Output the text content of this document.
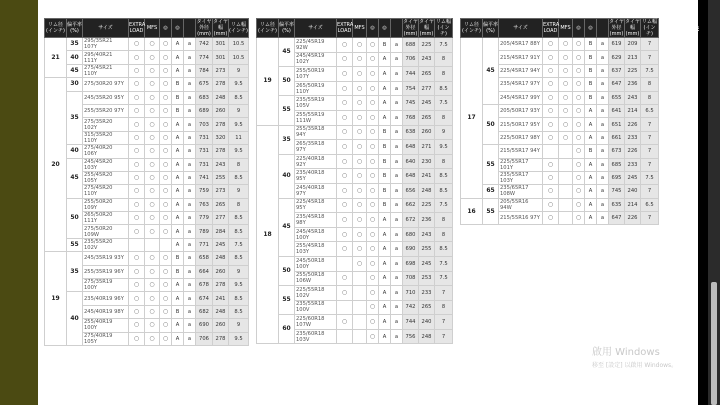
リム径 (インチ)	偏平率 (%)	サイズ	EXTRA LOAD	MFS	◎	◎		タイヤ外径 (mm)	タイヤ幅 (mm)	リム幅 (インチ)
21	35	295/35R21 107Y	○	○	○	A	a	742	301	10.5
	40	295/40R21 111Y	○	○	○	A	a	774	301	10.5
	45	275/45R21 110Y	○	○	○	A	a	784	273	9
20	30	275/30R20 97Y	○	○	○	B	a	675	278	9.5
	35	245/35R20 95Y	○	○	○	B	a	683	248	8.5
		255/35R20 97Y	○	○	○	B	a	689	260	9
		275/35R20 102Y	○	○	○	A	a	703	278	9.5
		315/35R20 110Y	○	○	○	A	a	731	320	11
	40	275/40R20 106Y	○	○	○	A	a	731	278	9.5
	45	245/45R20 103Y	○	○	○	A	a	731	243	8
		255/45R20 105Y	○	○	○	A	a	741	255	8.5
		275/45R20 110Y	○	○	○	A	a	759	273	9
	50	255/50R20 109Y	○	○	○	A	a	763	265	8
		265/50R20 111Y	○	○	○	A	a	779	277	8.5
		275/50R20 109W	○	○	○	A	a	789	284	8.5
	55	235/55R20 102V				A	a	771	245	7.5
19	35	245/35R19 93Y	○	○	○	B	a	658	248	8.5
		255/35R19 96Y	○	○	○	B	a	664	260	9
		275/35R19 100Y	○	○	○	A	a	678	278	9.5
	40	235/40R19 96Y	○	○	○	A	a	674	241	8.5
		245/40R19 98Y	○	○	○	B	a	682	248	8.5
		255/40R19 100Y	○	○	○	A	a	690	260	9
		275/40R19 105Y	○	○	○	A	a	706	278	9.5
リム径 (インチ)	偏平率 (%)	サイズ	EXTRA LOAD	MFS	◎	◎		タイヤ外径 (mm)	タイヤ幅 (mm)	リム幅 (インチ)
19	45	225/45R19 92W	○	○	○	B	a	688	225	7.5
		245/45R19 102Y	○	○	○	A	a	706	243	8
	50	255/50R19 107Y	○	○	○	A	a	744	265	8
		265/50R19 110Y	○	○	○	A	a	754	277	8.5
	55	235/55R19 105V	○	○	○	A	a	745	245	7.5
		255/55R19 111W	○	○	○	A	a	768	265	8
18	35	255/35R18 94Y	○	○	○	B	a	638	260	9
		265/35R18 97Y	○	○	○	B	a	648	271	9.5
	40	225/40R18 92Y	○	○	○	B	a	640	230	8
		235/40R18 95Y	○	○	○	B	a	648	241	8.5
		245/40R18 97Y	○	○	○	B	a	656	248	8.5
	45	225/45R18 95Y	○	○	○	B	a	662	225	7.5
		235/45R18 98Y	○	○	○	A	a	672	236	8
		245/45R18 100Y	○	○	○	A	a	680	243	8
		255/45R18 103Y	○	○	○	A	a	690	255	8.5
	50	245/50R18 100Y		○	○	A	a	698	245	7.5
		255/50R18 106W	○		○	A	a	708	253	7.5
	55	225/55R18 102V	○		○	A	a	710	233	7
		235/55R18 100V			○	A	a	742	265	8
	60	225/60R18 107W	○		○	A	a	744	240	7
		235/60R18 103V			○	A	a	756	248	7
リム径 (インチ)	偏平率 (%)	サイズ	EXTRA LOAD	MFS	◎	◎		タイヤ外径 (mm)	タイヤ幅 (mm)	リム幅 (インチ)
17	45	205/45R17 88Y	○	○	○	B	a	619	209	7
		215/45R17 91Y	○	○	○	B	a	629	213	7
		225/45R17 94Y	○	○	○	B	a	637	225	7.5
		235/45R17 97Y	○	○	○	B	a	647	236	8
		245/45R17 99Y	○	○	○	B	a	655	243	8
	50	205/50R17 93Y	○	○	○	A	a	641	214	6.5
		215/50R17 95Y	○	○	○	A	a	651	226	7
		225/50R17 98Y	○	○	○	A	a	661	233	7
	55	215/55R17 94Y			○	B	a	673	226	7
		225/55R17 101Y	○		○	A	a	685	233	7
		235/55R17 103Y	○		○	A	a	695	245	7.5
	65	235/65R17 108W	○		○	A	a	745	240	7
16	55	205/55R16 94W	○		○	A	a	635	214	6.5
		215/55R16 97Y	○		○	A	a	647	226	7
✕
CLOSE
啟用 Windows
移至 [設定] 以啟用 Windows。
